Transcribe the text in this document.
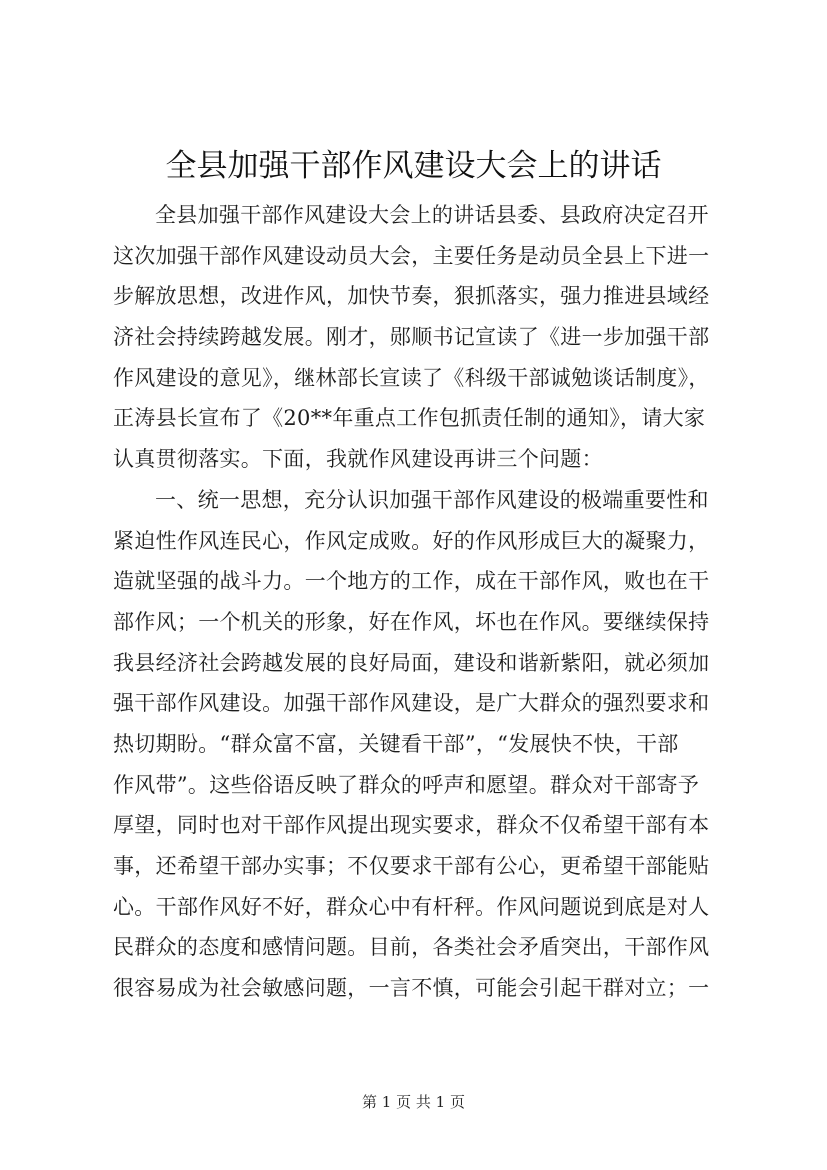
全县加强干部作风建设大会上的讲话
全县加强干部作风建设大会上的讲话县委、县政府决定召开
这次加强干部作风建设动员大会，主要任务是动员全县上下进一
步解放思想，改进作风，加快节奏，狠抓落实，强力推进县域经
济社会持续跨越发展。刚才，郧顺书记宣读了《进一步加强干部
作风建设的意见》，继林部长宣读了《科级干部诚勉谈话制度》，
正涛县长宣布了《20**年重点工作包抓责任制的通知》，请大家
认真贯彻落实。下面，我就作风建设再讲三个问题：
一、统一思想，充分认识加强干部作风建设的极端重要性和
紧迫性作风连民心，作风定成败。好的作风形成巨大的凝聚力，
造就坚强的战斗力。一个地方的工作，成在干部作风，败也在干
部作风；一个机关的形象，好在作风，坏也在作风。要继续保持
我县经济社会跨越发展的良好局面，建设和谐新紫阳，就必须加
强干部作风建设。加强干部作风建设，是广大群众的强烈要求和
热切期盼。“群众富不富，关键看干部”，“发展快不快，干部
作风带”。这些俗语反映了群众的呼声和愿望。群众对干部寄予
厚望，同时也对干部作风提出现实要求，群众不仅希望干部有本
事，还希望干部办实事；不仅要求干部有公心，更希望干部能贴
心。干部作风好不好，群众心中有杆秤。作风问题说到底是对人
民群众的态度和感情问题。目前，各类社会矛盾突出，干部作风
很容易成为社会敏感问题，一言不慎，可能会引起干群对立；一
第 1 页 共 1 页
